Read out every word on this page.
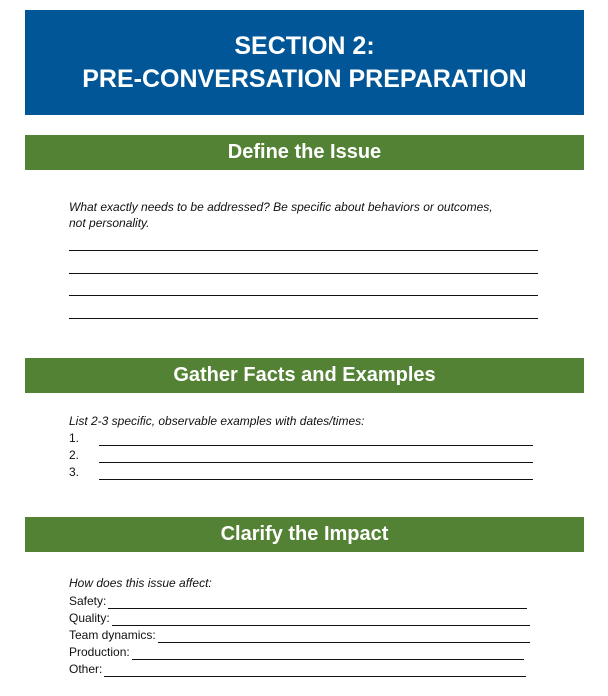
SECTION 2:
PRE-CONVERSATION PREPARATION
Define the Issue
What exactly needs to be addressed? Be specific about behaviors or outcomes,
not personality.
Gather Facts and Examples
List 2-3 specific, observable examples with dates/times:
1.
2.
3.
Clarify the Impact
How does this issue affect:
Safety:
Quality:
Team dynamics:
Production:
Other:
